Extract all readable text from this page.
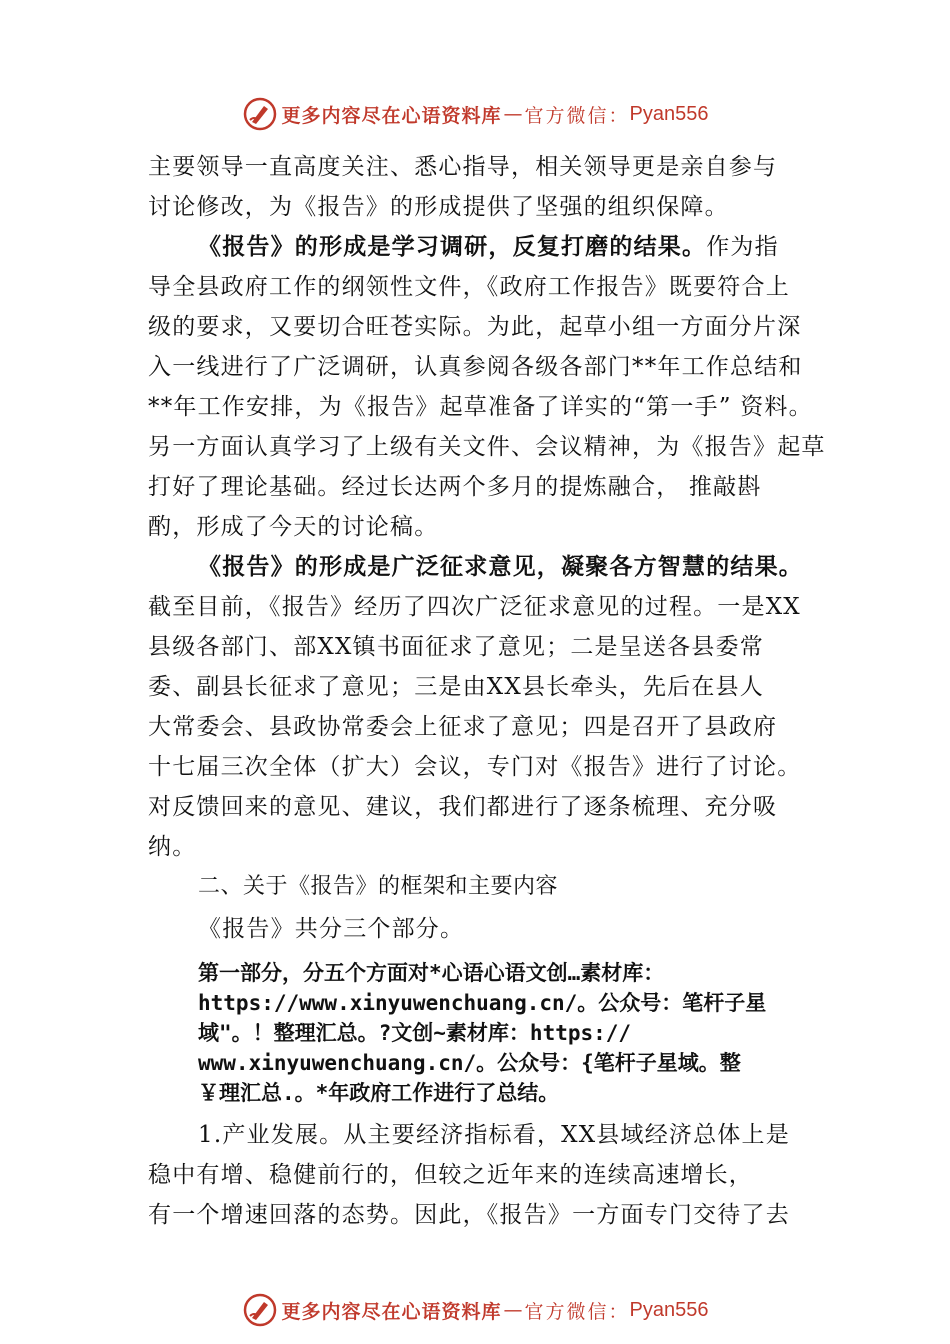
更多内容尽在心语资料库 — 官方微信： Pyan556
主要领导一直高度关注、悉心指导，相关领导更是亲自参与
讨论修改，为《报告》的形成提供了坚强的组织保障。
《报告》的形成是学习调研，反复打磨的结果。作为指
导全县政府工作的纲领性文件，《政府工作报告》既要符合上
级的要求，又要切合旺苍实际。为此，起草小组一方面分片深
入一线进行了广泛调研，认真参阅各级各部门**年工作总结和
**年工作安排，为《报告》起草准备了详实的“第一手” 资料。
另一方面认真学习了上级有关文件、会议精神，为《报告》起草
打好了理论基础。经过长达两个多月的提炼融合， 推敲斟
酌，形成了今天的讨论稿。
《报告》的形成是广泛征求意见，凝聚各方智慧的结果。
截至目前，《报告》经历了四次广泛征求意见的过程。一是XX
县级各部门、部XX镇书面征求了意见；二是呈送各县委常
委、副县长征求了意见；三是由XX县长牵头，先后在县人
大常委会、县政协常委会上征求了意见；四是召开了县政府
十七届三次全体（扩大）会议，专门对《报告》进行了讨论。
对反馈回来的意见、建议，我们都进行了逐条梳理、充分吸
纳。
二、关于《报告》的框架和主要内容
《报告》共分三个部分。
第一部分，分五个方面对*心语心语文创…素材库：
https://www.xinyuwenchuang.cn/。公众号：笔杆子星
域"。！整理汇总。?文创~素材库：https://
www.xinyuwenchuang.cn/。公众号：{笔杆子星域。整
￥理汇总.。*年政府工作进行了总结。
1.产业发展。从主要经济指标看，XX县域经济总体上是
稳中有增、稳健前行的，但较之近年来的连续高速增长，
有一个增速回落的态势。因此，《报告》一方面专门交待了去
更多内容尽在心语资料库 — 官方微信： Pyan556
